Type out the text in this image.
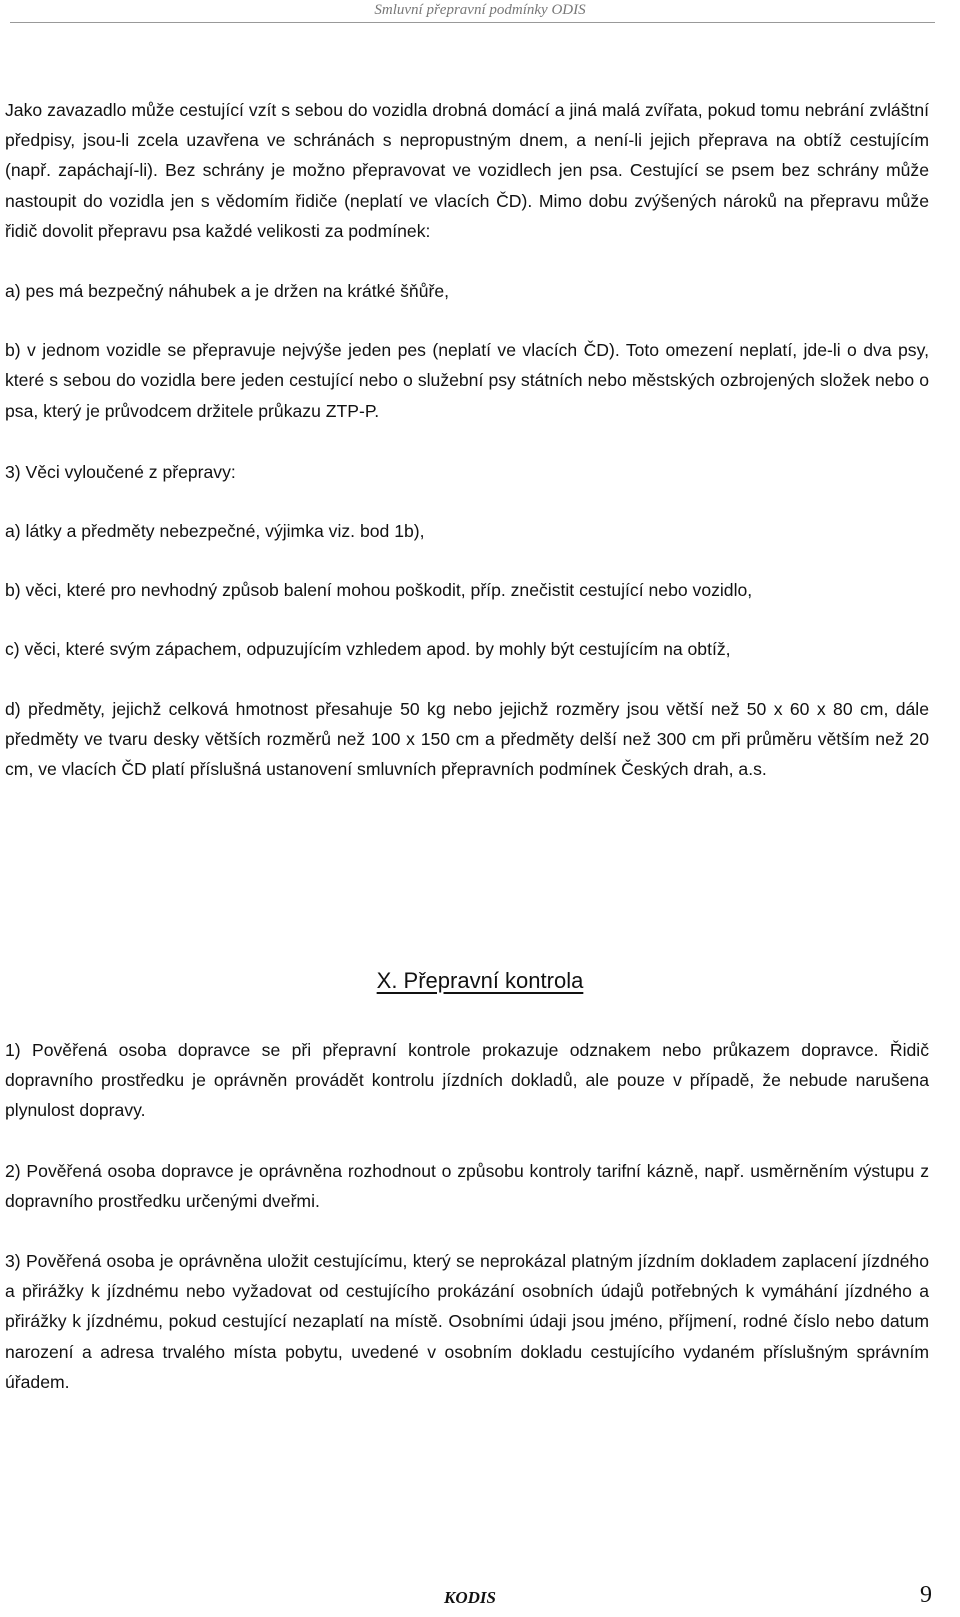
Smluvní přepravní podmínky ODIS

Jako zavazadlo může cestující vzít s sebou do vozidla drobná domácí a jiná malá zvířata, pokud tomu nebrání zvláštní předpisy, jsou-li zcela uzavřena ve schránách s nepropustným dnem, a není-li jejich přeprava na obtíž cestujícím (např. zapáchají-li). Bez schrány je možno přepravovat ve vozidlech jen psa. Cestující se psem bez schrány může nastoupit do vozidla jen s vědomím řidiče (neplatí ve vlacích ČD). Mimo dobu zvýšených nároků na přepravu může řidič dovolit přepravu psa každé velikosti za podmínek:

a) pes má bezpečný náhubek a je držen na krátké šňůře,

b) v jednom vozidle se přepravuje nejvýše jeden pes (neplatí ve vlacích ČD). Toto omezení neplatí, jde-li o dva psy, které s sebou do vozidla bere jeden cestující nebo o služební psy státních nebo městských ozbrojených složek nebo o psa, který je průvodcem držitele průkazu ZTP-P.

3) Věci vyloučené z přepravy:

a) látky a předměty nebezpečné, výjimka viz. bod 1b),

b) věci, které pro nevhodný způsob balení mohou poškodit, příp. znečistit cestující nebo vozidlo,

c) věci, které svým zápachem, odpuzujícím vzhledem apod. by mohly být cestujícím na obtíž,

d) předměty, jejichž celková hmotnost přesahuje 50 kg nebo jejichž rozměry jsou větší než 50 x 60 x 80 cm, dále předměty ve tvaru desky větších rozměrů než 100 x 150 cm a předměty delší než 300 cm při průměru větším než 20 cm, ve vlacích ČD platí příslušná ustanovení smluvních přepravních podmínek Českých drah, a.s.

X. Přepravní kontrola

1) Pověřená osoba dopravce se při přepravní kontrole prokazuje odznakem nebo průkazem dopravce. Řidič dopravního prostředku je oprávněn provádět kontrolu jízdních dokladů, ale pouze v případě, že nebude narušena plynulost dopravy.

2) Pověřená osoba dopravce je oprávněna rozhodnout o způsobu kontroly tarifní kázně, např. usměrněním výstupu z dopravního prostředku určenými dveřmi.

3) Pověřená osoba je oprávněna uložit cestujícímu, který se neprokázal platným jízdním dokladem zaplacení jízdného a přirážky k jízdnému nebo vyžadovat od cestujícího prokázání osobních údajů potřebných k vymáhání jízdného a přirážky k jízdnému, pokud cestující nezaplatí na místě. Osobními údaji jsou jméno, příjmení, rodné číslo nebo datum narození a adresa trvalého místa pobytu, uvedené v osobním dokladu cestujícího vydaném příslušným správním úřadem.

KODIS	9
